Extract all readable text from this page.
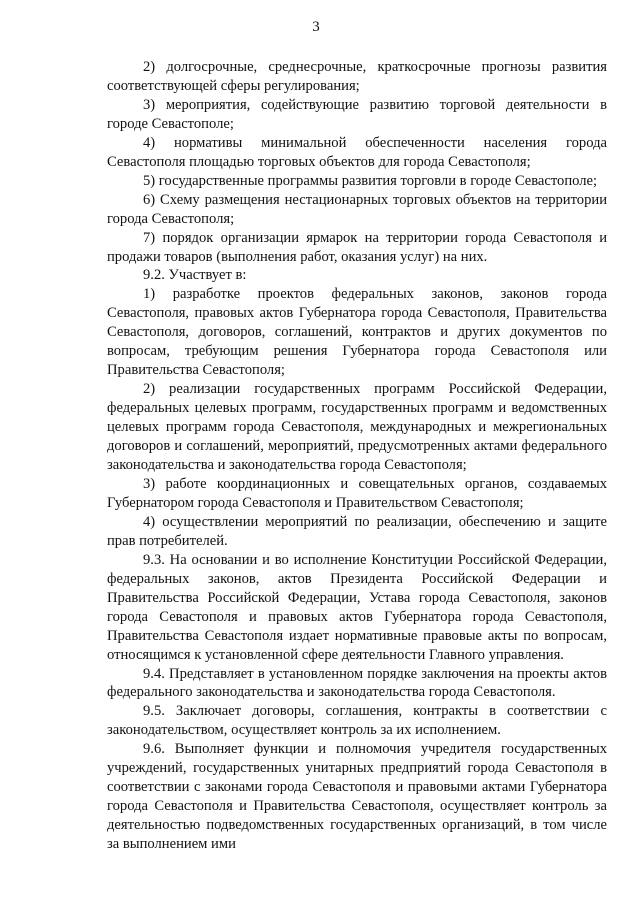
3

2) долгосрочные, среднесрочные, краткосрочные прогнозы развития соответствующей сферы регулирования;

3) мероприятия, содействующие развитию торговой деятельности в городе Севастополе;

4) нормативы минимальной обеспеченности населения города Севастополя площадью торговых объектов для города Севастополя;

5) государственные программы развития торговли в городе Севастополе;

6) Схему размещения нестационарных торговых объектов на территории города Севастополя;

7) порядок организации ярмарок на территории города Севастополя и продажи товаров (выполнения работ, оказания услуг) на них.

9.2. Участвует в:

1) разработке проектов федеральных законов, законов города Севастополя, правовых актов Губернатора города Севастополя, Правительства Севастополя, договоров, соглашений, контрактов и других документов по вопросам, требующим решения Губернатора города Севастополя или Правительства Севастополя;

2) реализации государственных программ Российской Федерации, федеральных целевых программ, государственных программ и ведомственных целевых программ города Севастополя, международных и межрегиональных договоров и соглашений, мероприятий, предусмотренных актами федерального законодательства и законодательства города Севастополя;

3) работе координационных и совещательных органов, создаваемых Губернатором города Севастополя и Правительством Севастополя;

4) осуществлении мероприятий по реализации, обеспечению и защите прав потребителей.

9.3. На основании и во исполнение Конституции Российской Федерации, федеральных законов, актов Президента Российской Федерации и Правительства Российской Федерации, Устава города Севастополя, законов города Севастополя и правовых актов Губернатора города Севастополя, Правительства Севастополя издает нормативные правовые акты по вопросам, относящимся к установленной сфере деятельности Главного управления.

9.4. Представляет в установленном порядке заключения на проекты актов федерального законодательства и законодательства города Севастополя.

9.5. Заключает договоры, соглашения, контракты в соответствии с законодательством, осуществляет контроль за их исполнением.

9.6. Выполняет функции и полномочия учредителя государственных учреждений, государственных унитарных предприятий города Севастополя в соответствии с законами города Севастополя и правовыми актами Губернатора города Севастополя и Правительства Севастополя, осуществляет контроль за деятельностью подведомственных государственных организаций, в том числе за выполнением ими
